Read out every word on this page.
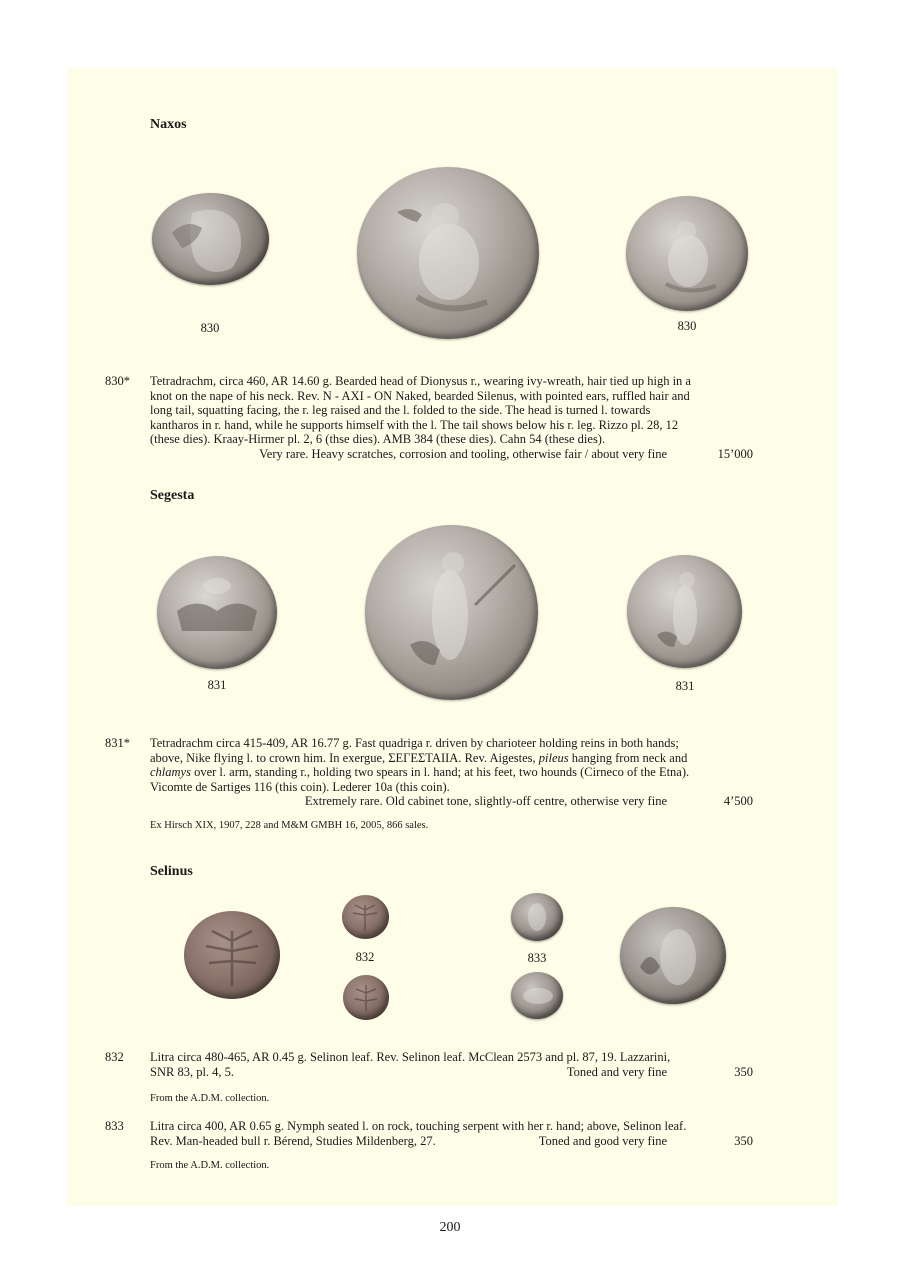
Naxos
830	830
830*	Tetradrachm, circa 460, AR 14.60 g. Bearded head of Dionysus r., wearing ivy-wreath, hair tied up high in a
knot on the nape of his neck. Rev. N - AXI - ON Naked, bearded Silenus, with pointed ears, ruffled hair and
long tail, squatting facing, the r. leg raised and the l. folded to the side. The head is turned l. towards
kantharos in r. hand, while he supports himself with the l. The tail shows below his r. leg. Rizzo pl. 28, 12
(these dies). Kraay-Hirmer pl. 2, 6 (thse dies). AMB 384 (these dies). Cahn 54 (these dies).
Very rare. Heavy scratches, corrosion and tooling, otherwise fair / about very fine	15’000
Segesta
831	831
831*	Tetradrachm circa 415-409, AR 16.77 g. Fast quadriga r. driven by charioteer holding reins in both hands;
above, Nike flying l. to crown him. In exergue, ΣΕΓΕΣΤΑΙΙΑ. Rev. Aigestes, pileus hanging from neck and
chlamys over l. arm, standing r., holding two spears in l. hand; at his feet, two hounds (Cirneco of the Etna).
Vicomte de Sartiges 116 (this coin). Lederer 10a (this coin).
Extremely rare. Old cabinet tone, slightly-off centre, otherwise very fine	4’500
Ex Hirsch XIX, 1907, 228 and M&M GMBH 16, 2005, 866 sales.
Selinus
832	833
832	Litra circa 480-465, AR 0.45 g. Selinon leaf. Rev. Selinon leaf. McClean 2573 and pl. 87, 19. Lazzarini,
SNR 83, pl. 4, 5.	Toned and very fine	350
From the A.D.M. collection.
833	Litra circa 400, AR 0.65 g. Nymph seated l. on rock, touching serpent with her r. hand; above, Selinon leaf.
Rev. Man-headed bull r. Bérend, Studies Mildenberg, 27.	Toned and good very fine	350
From the A.D.M. collection.
200
